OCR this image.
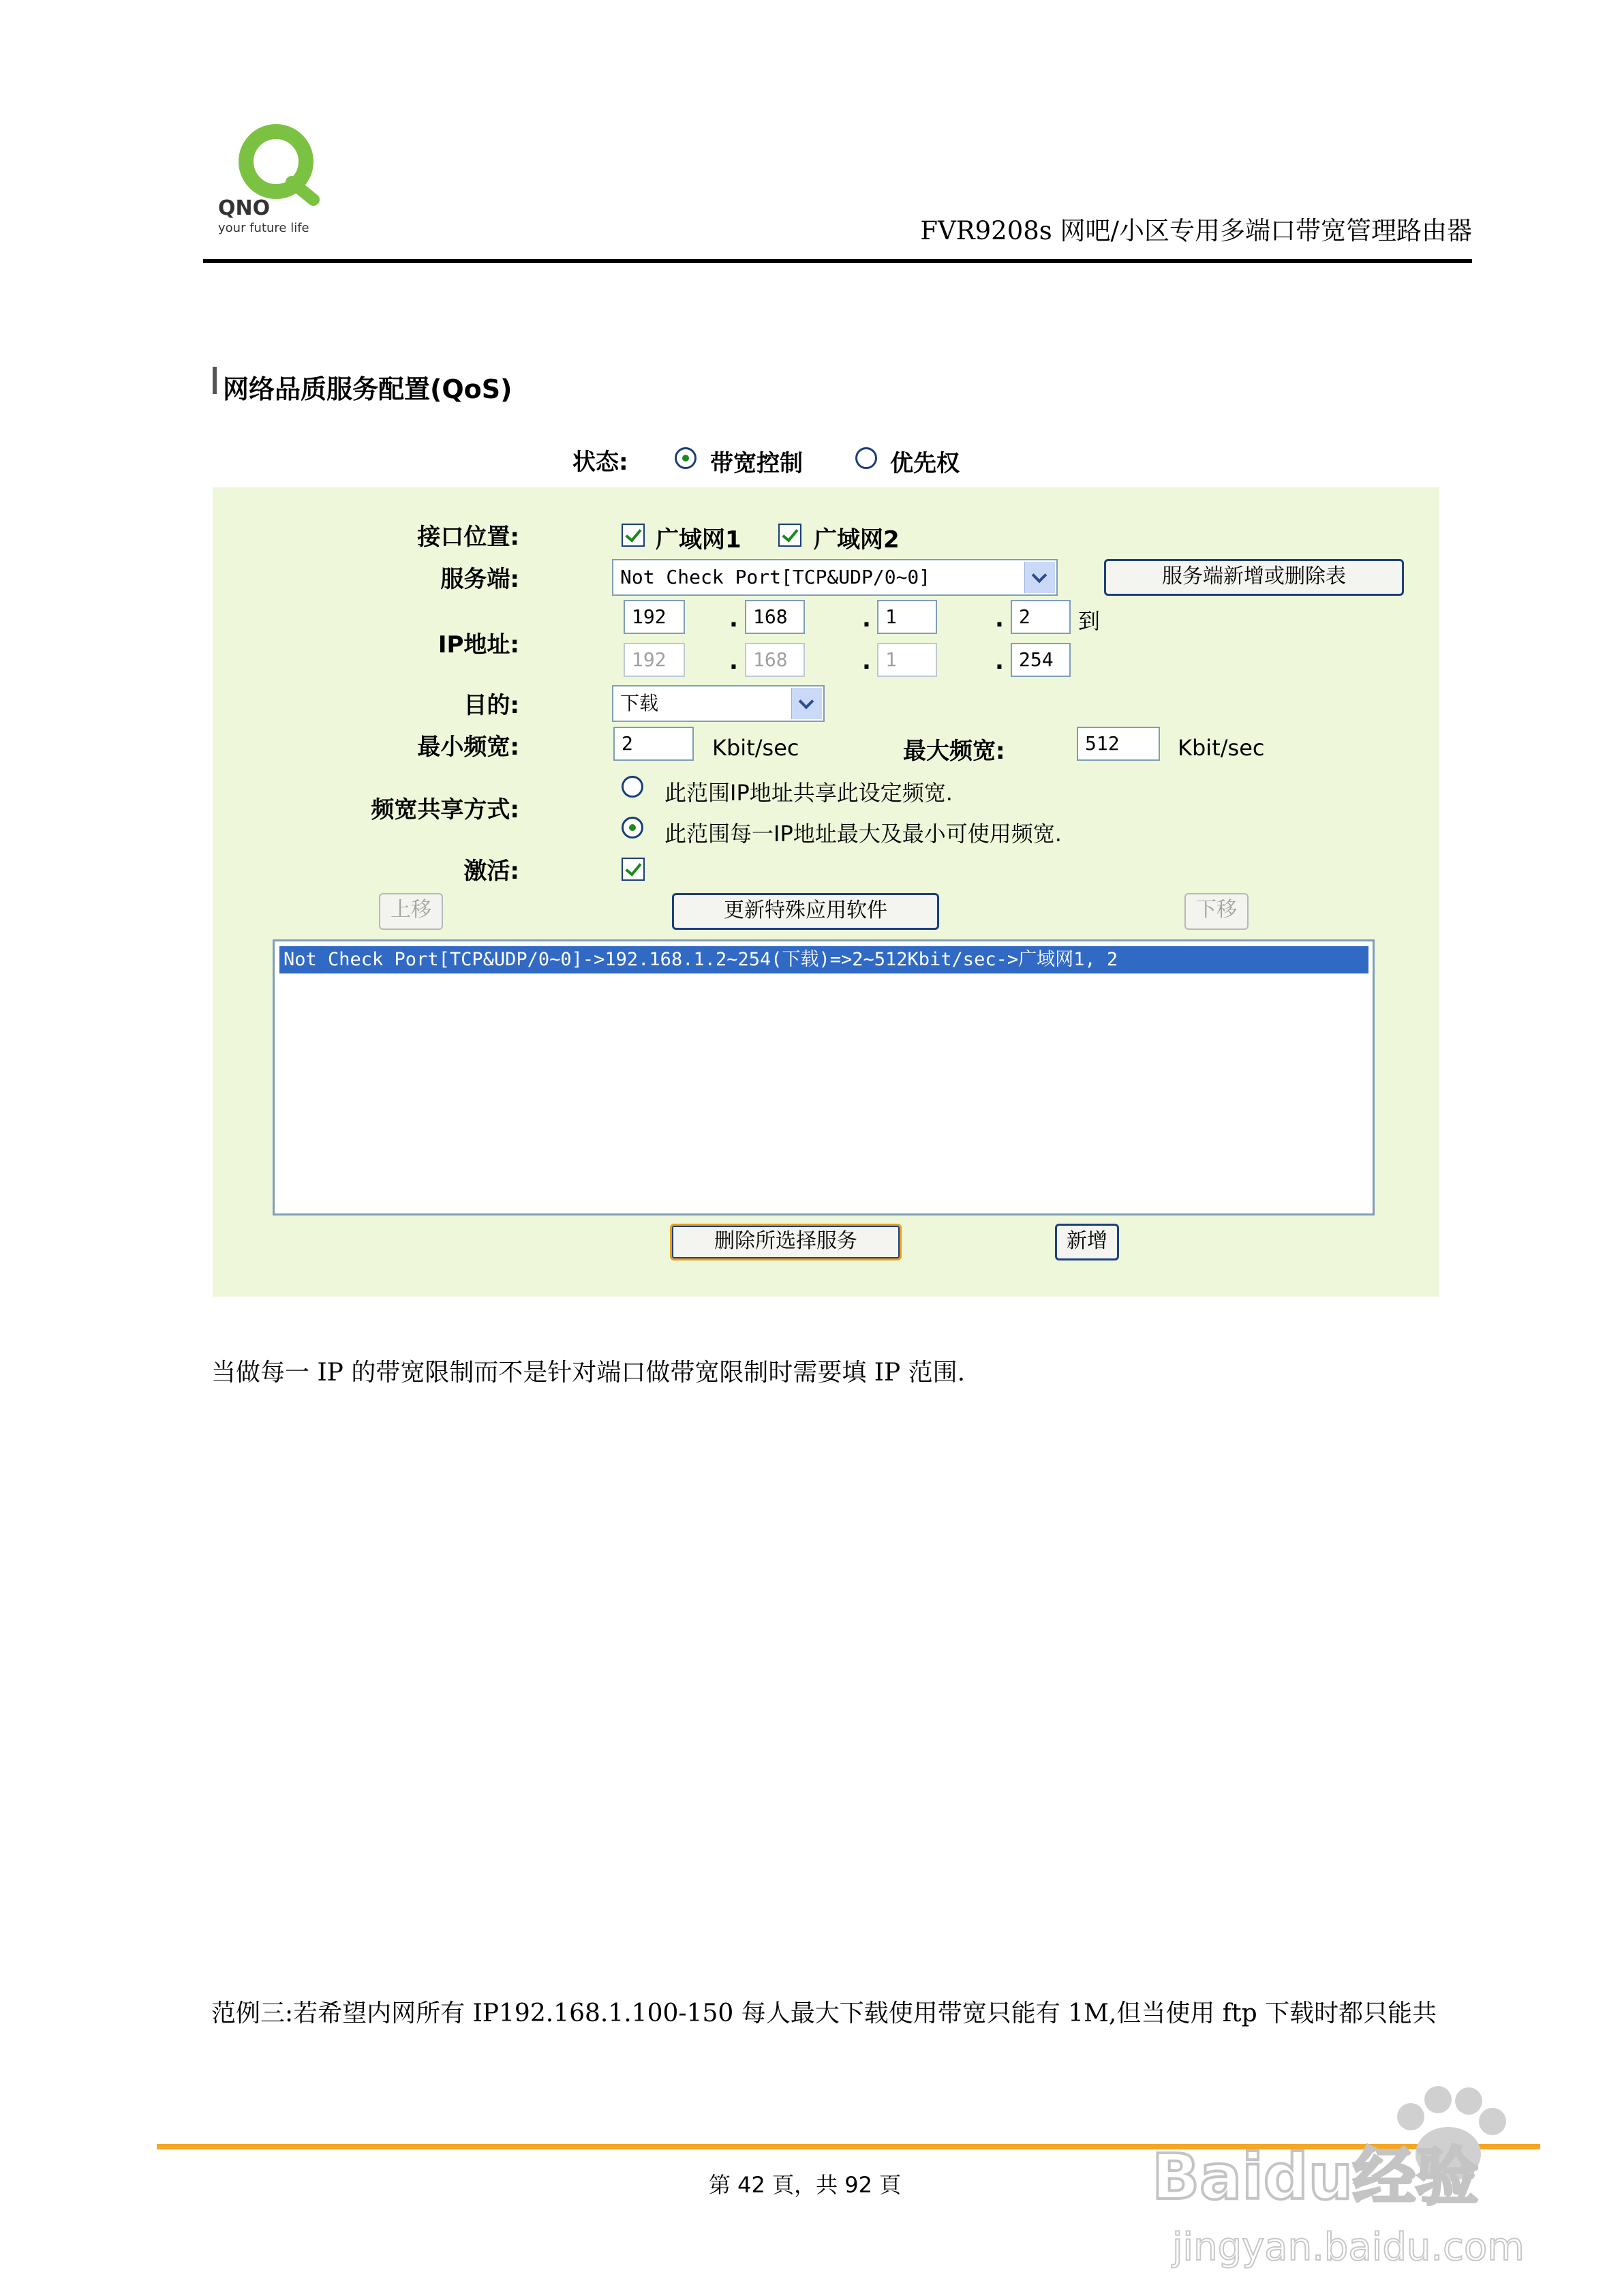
QNO
your future life	FVR9208s 网吧/小区专用多端口带宽管理路由器
网络品质服务配置(QoS)
状态:	带宽控制	优先权
接口位置:	广域网1	广域网2
服务端:	Not Check Port[TCP&UDP/0~0]	服务端新增或删除表
IP地址:
192	. 168	. 1	. 2	到
192	. 168	. 1	. 254
目的:	下载
最小频宽:	2	Kbit/sec	最大频宽:	512	Kbit/sec
频宽共享方式:
此范围IP地址共享此设定频宽.
此范围每一IP地址最大及最小可使用频宽.
激活:
上移	更新特殊应用软件	下移
Not Check Port[TCP&UDP/0~0]->192.168.1.2~254(下载)=>2~512Kbit/sec->广域网1, 2
删除所选择服务	新增
当做每一 IP 的带宽限制而不是针对端口做带宽限制时需要填 IP 范围.
范例三:若希望内网所有 IP192.168.1.100-150 每人最大下载使用带宽只能有 1M,但当使用 ftp 下载时都只能共
第 42 頁，共 92 頁	Baidu经验
jingyan.baidu.com
